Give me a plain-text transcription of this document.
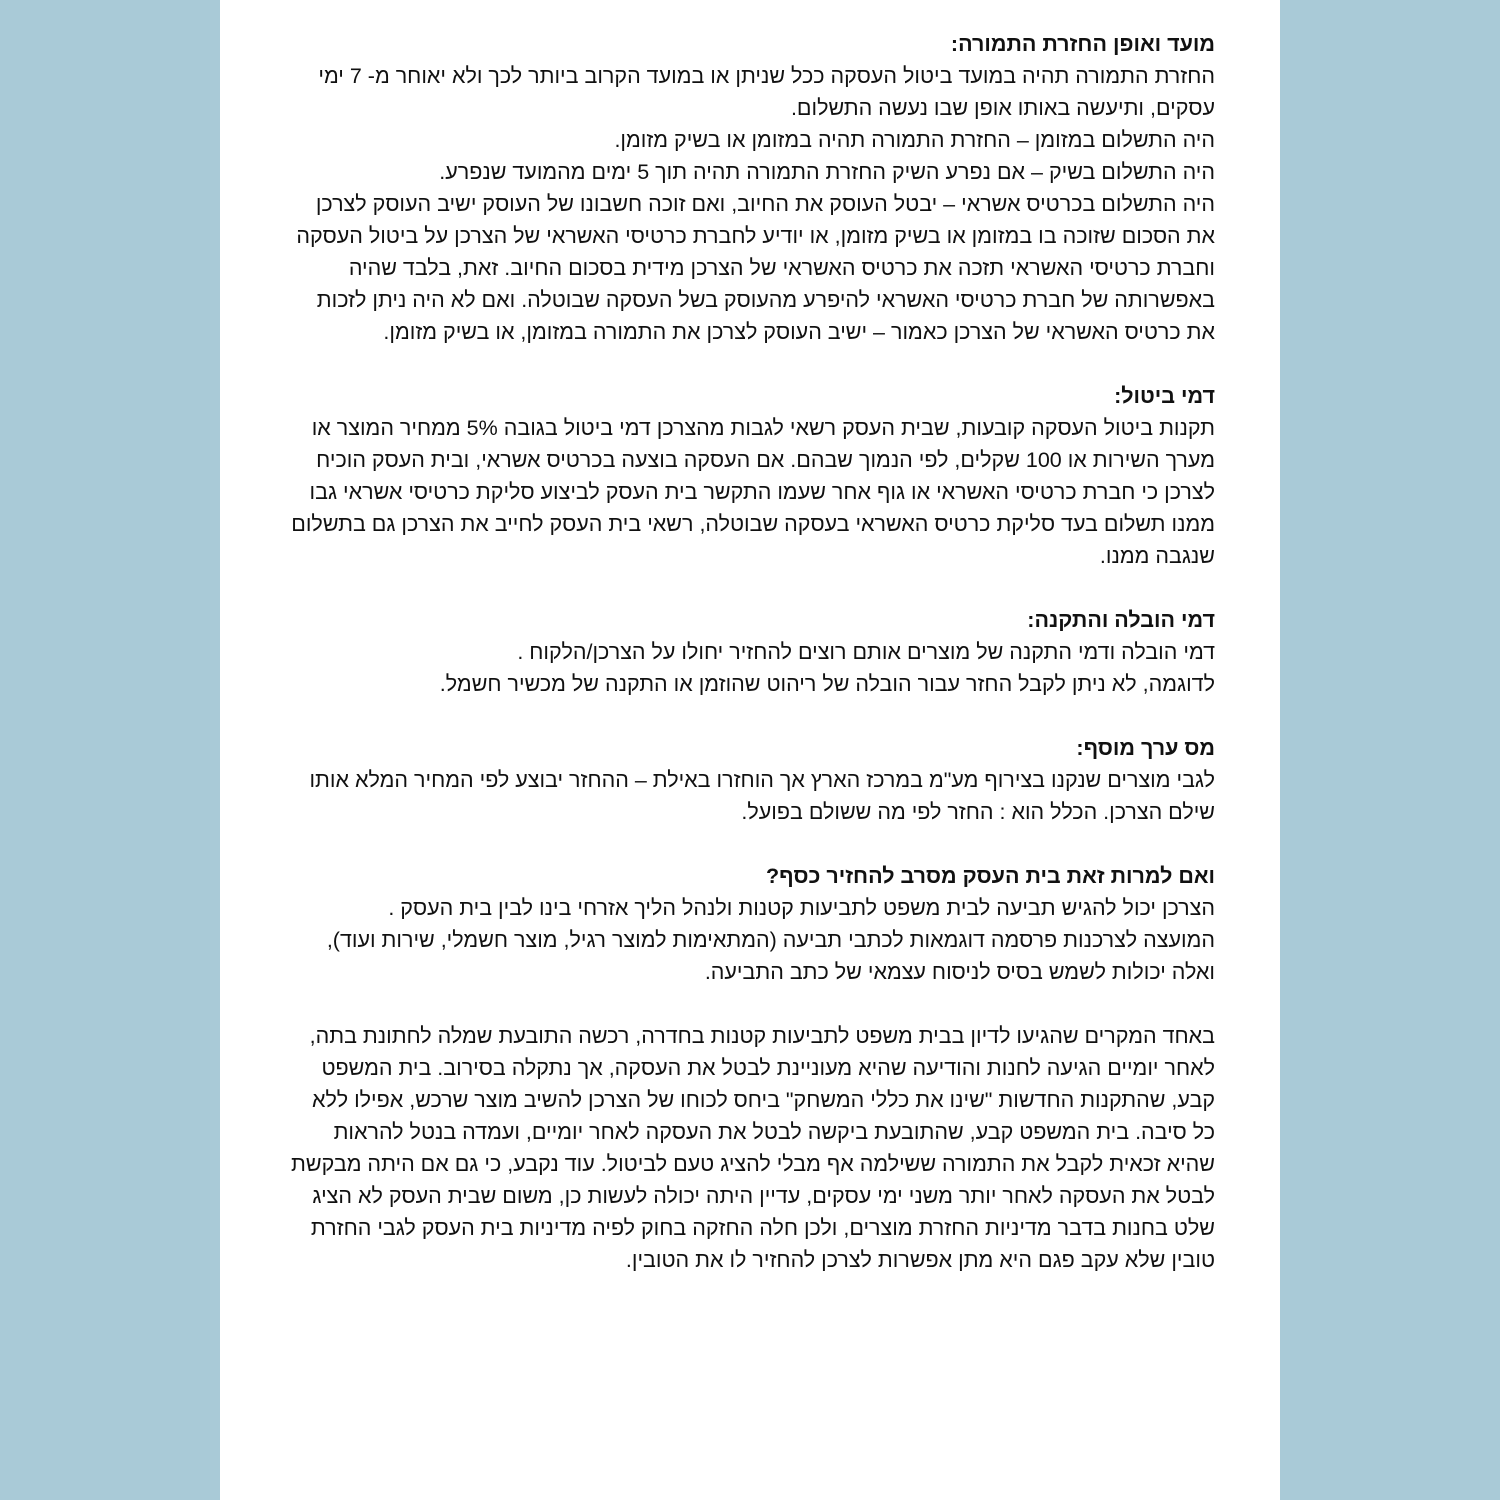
מועד ואופן החזרת התמורה:

החזרת התמורה תהיה במועד ביטול העסקה ככל שניתן או במועד הקרוב ביותר לכך ולא יאוחר מ- 7 ימי עסקים, ותיעשה באותו אופן שבו נעשה התשלום.

היה התשלום במזומן – החזרת התמורה תהיה במזומן או בשיק מזומן.

היה התשלום בשיק – אם נפרע השיק החזרת התמורה תהיה תוך 5 ימים מהמועד שנפרע.

היה התשלום בכרטיס אשראי – יבטל העוסק את החיוב, ואם זוכה חשבונו של העוסק ישיב העוסק לצרכן את הסכום שזוכה בו במזומן או בשיק מזומן, או יודיע לחברת כרטיסי האשראי של הצרכן על ביטול העסקה וחברת כרטיסי האשראי תזכה את כרטיס האשראי של הצרכן מידית בסכום החיוב. זאת, בלבד שהיה באפשרותה של חברת כרטיסי האשראי להיפרע מהעוסק בשל העסקה שבוטלה. ואם לא היה ניתן לזכות את כרטיס האשראי של הצרכן כאמור – ישיב העוסק לצרכן את התמורה במזומן, או בשיק מזומן.

דמי ביטול:

תקנות ביטול העסקה קובעות, שבית העסק רשאי לגבות מהצרכן דמי ביטול בגובה 5% ממחיר המוצר או מערך השירות או 100 שקלים, לפי הנמוך שבהם. אם העסקה בוצעה בכרטיס אשראי, ובית העסק הוכיח לצרכן כי חברת כרטיסי האשראי או גוף אחר שעמו התקשר בית העסק לביצוע סליקת כרטיסי אשראי גבו ממנו תשלום בעד סליקת כרטיס האשראי בעסקה שבוטלה, רשאי בית העסק לחייב את הצרכן גם בתשלום שנגבה ממנו.

דמי הובלה והתקנה:

דמי הובלה ודמי התקנה של מוצרים אותם רוצים להחזיר יחולו על הצרכן/הלקוח .

לדוגמה, לא ניתן לקבל החזר עבור הובלה של ריהוט שהוזמן או התקנה של מכשיר חשמל.

מס ערך מוסף:

לגבי מוצרים שנקנו בצירוף מע"מ במרכז הארץ אך הוחזרו באילת – ההחזר יבוצע לפי המחיר המלא אותו שילם הצרכן. הכלל הוא : החזר לפי מה ששולם בפועל.

ואם למרות זאת בית העסק מסרב להחזיר כסף?

הצרכן יכול להגיש תביעה לבית משפט לתביעות קטנות ולנהל הליך אזרחי בינו לבין בית העסק .

המועצה לצרכנות פרסמה דוגמאות לכתבי תביעה (המתאימות למוצר רגיל, מוצר חשמלי, שירות ועוד), ואלה יכולות לשמש בסיס לניסוח עצמאי של כתב התביעה.

באחד המקרים שהגיעו לדיון בבית משפט לתביעות קטנות בחדרה, רכשה התובעת שמלה לחתונת בתה, לאחר יומיים הגיעה לחנות והודיעה שהיא מעוניינת לבטל את העסקה, אך נתקלה בסירוב. בית המשפט קבע, שהתקנות החדשות "שינו את כללי המשחק" ביחס לכוחו של הצרכן להשיב מוצר שרכש, אפילו ללא כל סיבה. בית המשפט קבע, שהתובעת ביקשה לבטל את העסקה לאחר יומיים, ועמדה בנטל להראות שהיא זכאית לקבל את התמורה ששילמה אף מבלי להציג טעם לביטול. עוד נקבע, כי גם אם היתה מבקשת לבטל את העסקה לאחר יותר משני ימי עסקים, עדיין היתה יכולה לעשות כן, משום שבית העסק לא הציג שלט בחנות בדבר מדיניות החזרת מוצרים, ולכן חלה החזקה בחוק לפיה מדיניות בית העסק לגבי החזרת טובין שלא עקב פגם היא מתן אפשרות לצרכן להחזיר לו את הטובין.
